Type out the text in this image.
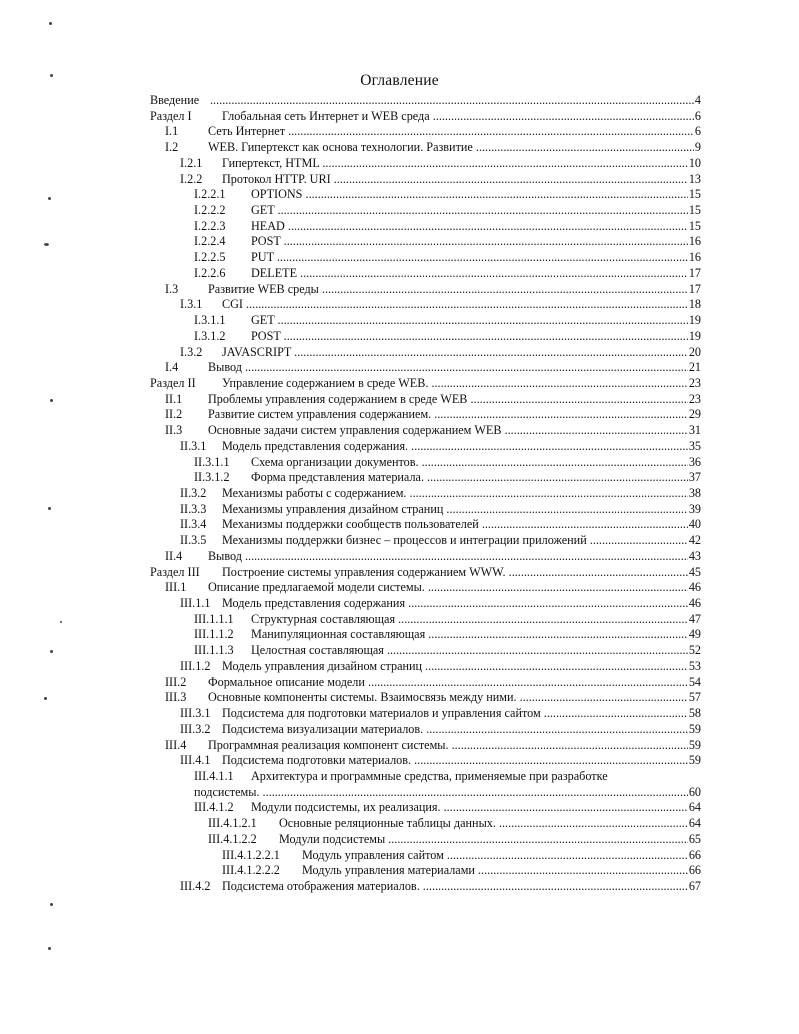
Оглавление
Введение .....	4
Раздел I Глобальная сеть Интернет и WEB среда .....	6
I.1 Сеть Интернет .....	6
I.2 WEB. Гипертекст как основа технологии. Развитие .....	9
I.2.1 Гипертекст, HTML .....	10
I.2.2 Протокол HTTP. URI .....	13
I.2.2.1 OPTIONS .....	15
I.2.2.2 GET .....	15
I.2.2.3 HEAD .....	15
I.2.2.4 POST .....	16
I.2.2.5 PUT .....	16
I.2.2.6 DELETE .....	17
I.3 Развитие WEB среды .....	17
I.3.1 CGI .....	18
I.3.1.1 GET .....	19
I.3.1.2 POST .....	19
I.3.2 JAVASCRIPT .....	20
I.4 Вывод .....	21
Раздел II Управление содержанием в среде WEB. .....	23
II.1 Проблемы управления содержанием в среде WEB .....	23
II.2 Развитие систем управления содержанием. .....	29
II.3 Основные задачи систем управления содержанием WEB .....	31
II.3.1 Модель представления содержания. .....	35
II.3.1.1 Схема организации документов. .....	36
II.3.1.2 Форма представления материала. .....	37
II.3.2 Механизмы работы с содержанием. .....	38
II.3.3 Механизмы управления дизайном страниц .....	39
II.3.4 Механизмы поддержки сообществ пользователей .....	40
II.3.5 Механизмы поддержки бизнес – процессов и интеграции приложений .....	42
II.4 Вывод .....	43
Раздел III Построение системы управления содержанием WWW. .....	45
III.1 Описание предлагаемой модели системы. .....	46
III.1.1 Модель представления содержания .....	46
III.1.1.1 Структурная составляющая .....	47
III.1.1.2 Манипуляционная составляющая .....	49
III.1.1.3 Целостная составляющая .....	52
III.1.2 Модель управления дизайном страниц .....	53
III.2 Формальное описание модели .....	54
III.3 Основные компоненты системы. Взаимосвязь между ними. .....	57
III.3.1 Подсистема для подготовки материалов и управления сайтом .....	58
III.3.2 Подсистема визуализации материалов. .....	59
III.4 Программная реализация компонент системы. .....	59
III.4.1 Подсистема подготовки материалов. .....	59
III.4.1.1 Архитектура и программные средства, применяемые при разработке
подсистемы. .....	60
III.4.1.2 Модули подсистемы, их реализация. .....	64
III.4.1.2.1 Основные реляционные таблицы данных. .....	64
III.4.1.2.2 Модули подсистемы .....	65
III.4.1.2.2.1 Модуль управления сайтом .....	66
III.4.1.2.2.2 Модуль управления материалами .....	66
III.4.2 Подсистема отображения материалов. .....	67
